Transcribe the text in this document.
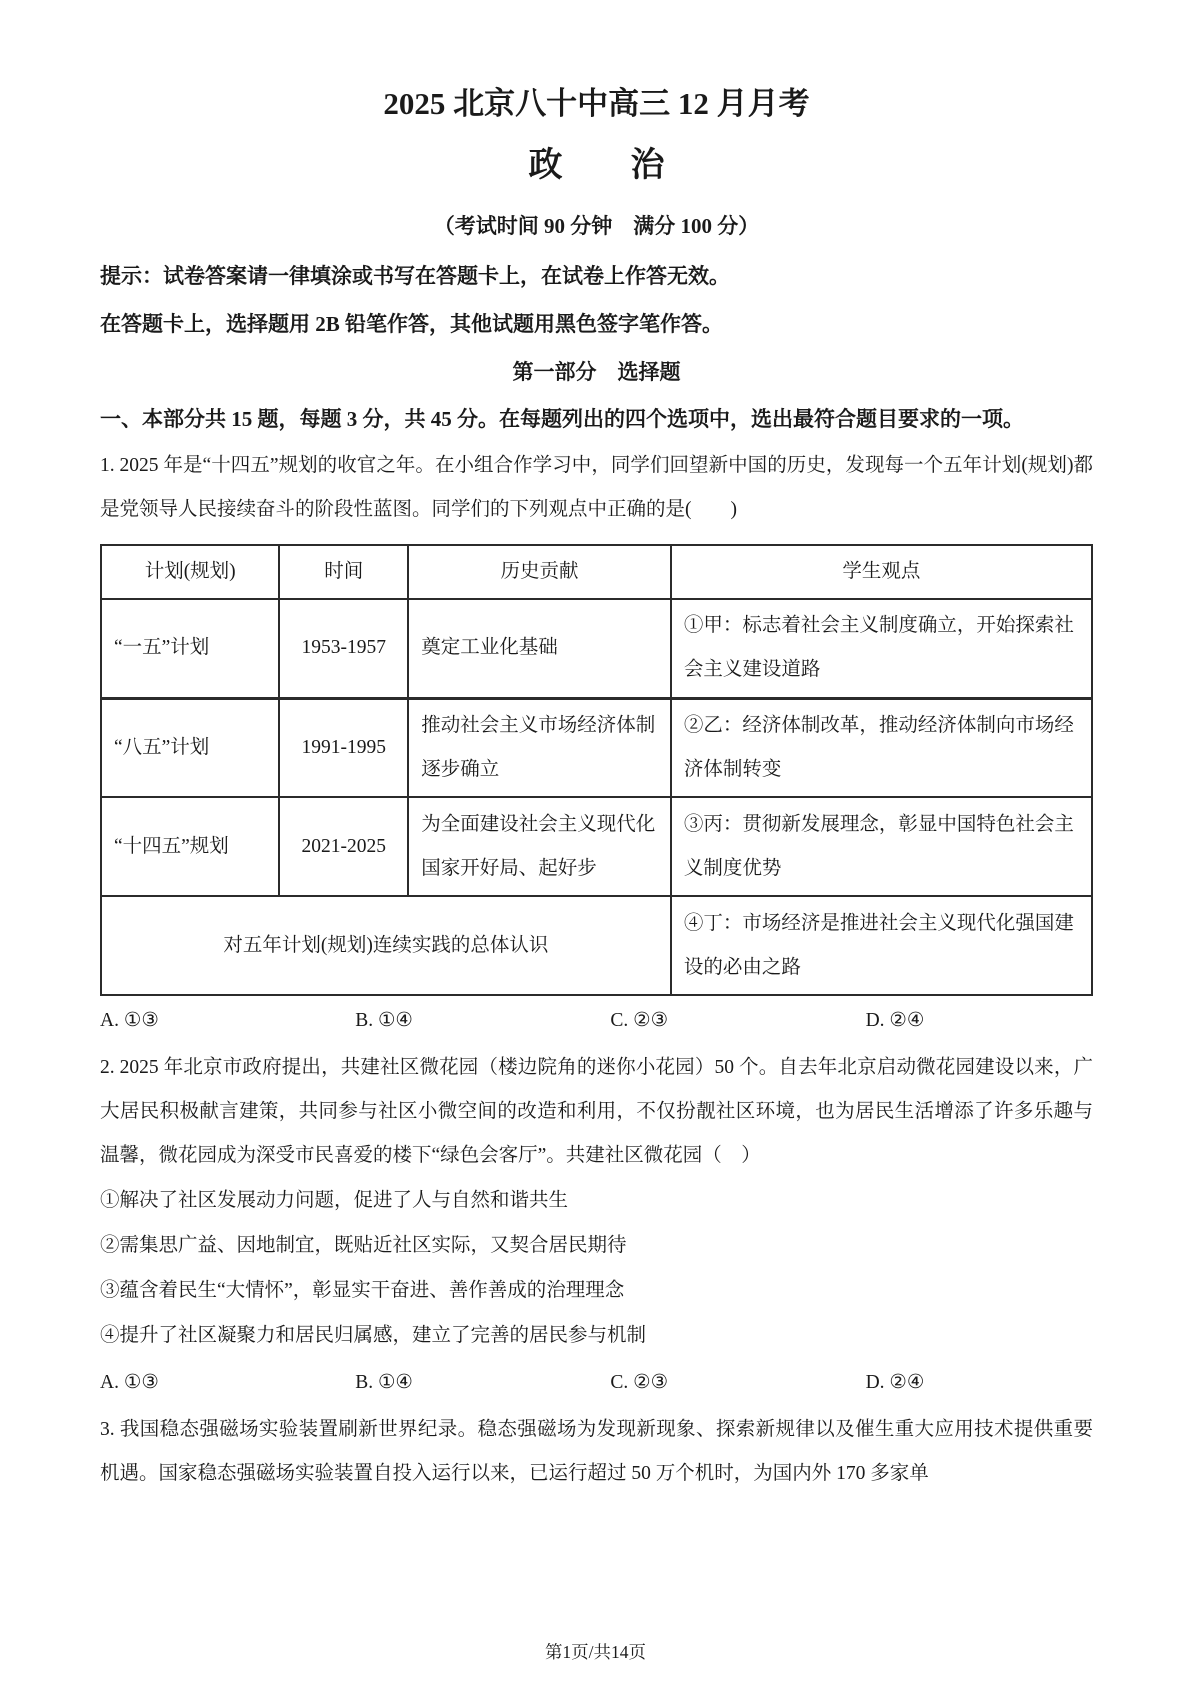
2025 北京八十中高三 12 月月考
政　　治
（考试时间 90 分钟　满分 100 分）

提示：试卷答案请一律填涂或书写在答题卡上，在试卷上作答无效。

在答题卡上，选择题用 2B 铅笔作答，其他试题用黑色签字笔作答。

第一部分　选择题

一、本部分共 15 题，每题 3 分，共 45 分。在每题列出的四个选项中，选出最符合题目要求的一项。

1. 2025 年是“十四五”规划的收官之年。在小组合作学习中，同学们回望新中国的历史，发现每一个五年计划(规划)都是党领导人民接续奋斗的阶段性蓝图。同学们的下列观点中正确的是(　　)

计划(规划)	时间	历史贡献	学生观点
“一五”计划	1953-1957	奠定工业化基础	①甲：标志着社会主义制度确立，开始探索社会主义建设道路
“八五”计划	1991-1995	推动社会主义市场经济体制逐步确立	②乙：经济体制改革，推动经济体制向市场经济体制转变
“十四五”规划	2021-2025	为全面建设社会主义现代化国家开好局、起好步	③丙：贯彻新发展理念，彰显中国特色社会主义制度优势
对五年计划(规划)连续实践的总体认识			④丁：市场经济是推进社会主义现代化强国建设的必由之路
A. ①③	B. ①④	C. ②③	D. ②④

2. 2025 年北京市政府提出，共建社区微花园（楼边院角的迷你小花园）50 个。自去年北京启动微花园建设以来，广大居民积极献言建策，共同参与社区小微空间的改造和利用，不仅扮靓社区环境，也为居民生活增添了许多乐趣与温馨，微花园成为深受市民喜爱的楼下“绿色会客厅”。共建社区微花园（　）

①解决了社区发展动力问题，促进了人与自然和谐共生

②需集思广益、因地制宜，既贴近社区实际，又契合居民期待

③蕴含着民生“大情怀”，彰显实干奋进、善作善成的治理理念

④提升了社区凝聚力和居民归属感，建立了完善的居民参与机制

A. ①③	B. ①④	C. ②③	D. ②④

3. 我国稳态强磁场实验装置刷新世界纪录。稳态强磁场为发现新现象、探索新规律以及催生重大应用技术提供重要机遇。国家稳态强磁场实验装置自投入运行以来，已运行超过 50 万个机时，为国内外 170 多家单

第1页/共14页
